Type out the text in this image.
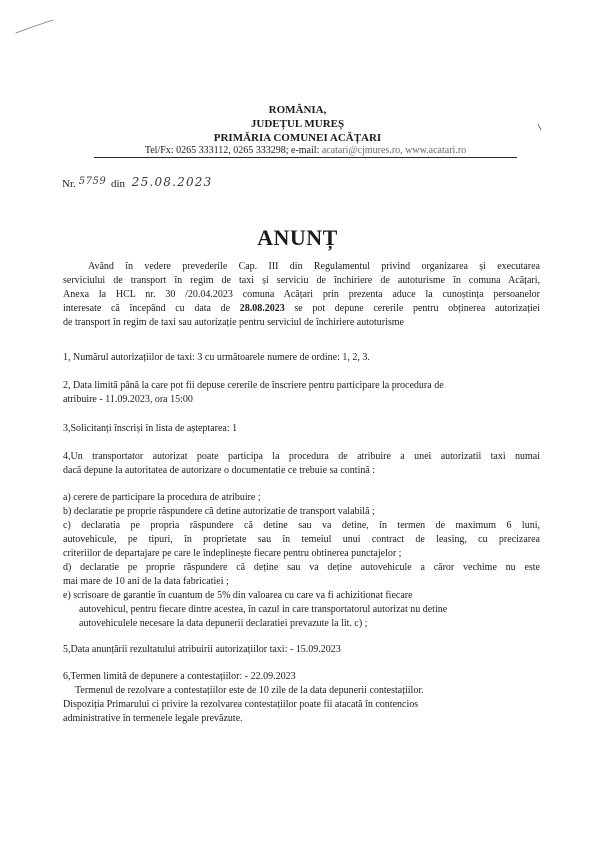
ROMÂNIA,
JUDEȚUL MUREȘ
PRIMĂRIA COMUNEI ACĂȚARI
Tel/Fx: 0265 333112, 0265 333298; e-mail: acatari@cjmures.ro, www.acatari.ro
Nr. 5759 din 25.08.2023
ANUNȚ
Având în vedere prevederile Cap. III din Regulamentul privind organizarea și executarea
serviciului de transport în regim de taxi și serviciu de închiriere de autoturisme în comuna Acățari,
Anexa la HCL nr. 30 /20.04.2023 comuna Acățari prin prezenta aduce la cunoștința persoanelor
interesate că începând cu data de 28.08.2023 se pot depune cererile pentru obținerea autorizației
de transport în regim de taxi sau autorizație pentru serviciul de închiriere autoturisme
1, Numărul autorizațiilor de taxi: 3 cu următoarele numere de ordine: 1, 2, 3.
2, Data limită până la care pot fii depuse cererile de înscriere pentru participare la procedura de
atribuire - 11.09.2023, ora 15:00
3,Solicitanți înscriși în lista de așteptarea: 1
4,Un transportator autorizat poate participa la procedura de atribuire a unei autorizatii taxi numai
dacă depune la autoritatea de autorizare o documentatie ce trebuie sa contină :
a) cerere de participare la procedura de atribuire ;
b) declaratie pe proprie răspundere că detine autorizatie de transport valabilă ;
c) declaratia pe propria răspundere că detine sau va detine, în termen de maximum 6 luni,
autovehicule, pe tipuri, în proprietate sau în temeiul unui contract de leasing, cu precizarea
criteriilor de departajare pe care le îndeplinește fiecare pentru obtinerea punctajelor ;
d) declaratie pe proprie răspundere că deține sau va deține autovehicule a căror vechime nu este
mai mare de 10 ani de la data fabricatiei ;
e) scrisoare de garantie în cuantum de 5% din valoarea cu care va fi achizitionat fiecare
autovehicul, pentru fiecare dintre acestea, în cazul in care transportatorul autorizat nu detine
autovehiculele necesare la data depunerii declaratiei prevazute la lit. c) ;
5,Data anunțării rezultatului atribuirii autorizațiilor taxi: - 15.09.2023
6,Termen limită de depunere a contestațiilor: - 22.09.2023
Termenul de rezolvare a contestațiilor este de 10 zile de la data depunerii contestațiilor.
Dispoziția Primarului ci privire la rezolvarea contestațiilor poate fii atacată în contencios
administrative în termenele legale prevăzute.
